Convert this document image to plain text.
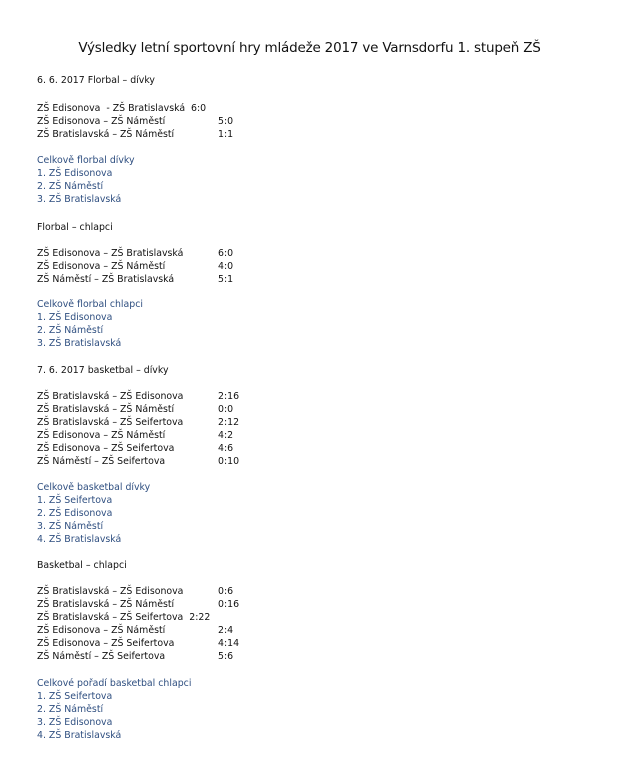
Výsledky letní sportovní hry mládeže 2017 ve Varnsdorfu 1. stupeň ZŠ
6. 6. 2017 Florbal – dívky
ZŠ Edisonova  - ZŠ Bratislavská  6:0
ZŠ Edisonova – ZŠ Náměstí	5:0
ZŠ Bratislavská – ZŠ Náměstí	1:1
Celkově florbal dívky
1. ZŠ Edisonova
2. ZŠ Náměstí
3. ZŠ Bratislavská
Florbal – chlapci
ZŠ Edisonova – ZŠ Bratislavská	6:0
ZŠ Edisonova – ZŠ Náměstí	4:0
ZŠ Náměstí – ZŠ Bratislavská	5:1
Celkově florbal chlapci
1. ZŠ Edisonova
2. ZŠ Náměstí
3. ZŠ Bratislavská
7. 6. 2017 basketbal – dívky
ZŠ Bratislavská – ZŠ Edisonova	2:16
ZŠ Bratislavská – ZŠ Náměstí	0:0
ZŠ Bratislavská – ZŠ Seifertova	2:12
ZŠ Edisonova – ZŠ Náměstí	4:2
ZŠ Edisonova – ZŠ Seifertova	4:6
ZŠ Náměstí – ZŠ Seifertova	0:10
Celkově basketbal dívky
1. ZŠ Seifertova
2. ZŠ Edisonova
3. ZŠ Náměstí
4. ZŠ Bratislavská
Basketbal – chlapci
ZŠ Bratislavská – ZŠ Edisonova	0:6
ZŠ Bratislavská – ZŠ Náměstí	0:16
ZŠ Bratislavská – ZŠ Seifertova  2:22
ZŠ Edisonova – ZŠ Náměstí	2:4
ZŠ Edisonova – ZŠ Seifertova	4:14
ZŠ Náměstí – ZŠ Seifertova	5:6
Celkové pořadí basketbal chlapci
1. ZŠ Seifertova
2. ZŠ Náměstí
3. ZŠ Edisonova
4. ZŠ Bratislavská
